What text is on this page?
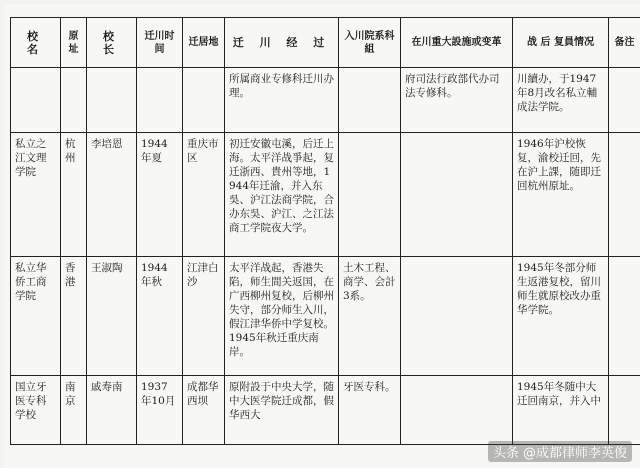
校 名	原址	校 长	迁川时间	迁居地	迁 川 经 过	入川院系科組	在川重大設施或变革	战 后 复員情况	备注
					所属商业专修科迁川办理。		府司法行政部代办司法专修科。	川續办，于1947年8月改名私立輔成法学院。	
私立之江文理学院	杭州	李培恩	1944年夏	重庆市区	初迁安徽屯溪，后迁上海。太平洋战爭起，复迁浙西、貴州等地，1944年迁渝，并入东吳、沪江法商学院，合办东吳、沪江、之江法商工学院夜大学。			1946年沪校恢复，渝校迁回，先在沪上課，随即迁回杭州原址。	
私立华侨工商学院	香港	王淑陶	1944年秋	江津白沙	太平洋战起，香港失陷，师生間关返国，在广西柳州复校，后柳州失守，部分师生入川，假江津华侨中学复校。1945年秋迁重庆南岸。	土木工程、商学、会計3系。		1945年冬部分师生返港复校，留川师生就原校改办重华学院。	
国立牙医专科学校	南京	戚寿南	1937年10月	成都华西坝	原附設于中央大学，随中大医学院迁成都，假华西大	牙医专科。		1945年冬随中大迁回南京，并入中	
头条 @成都律师李英俊
